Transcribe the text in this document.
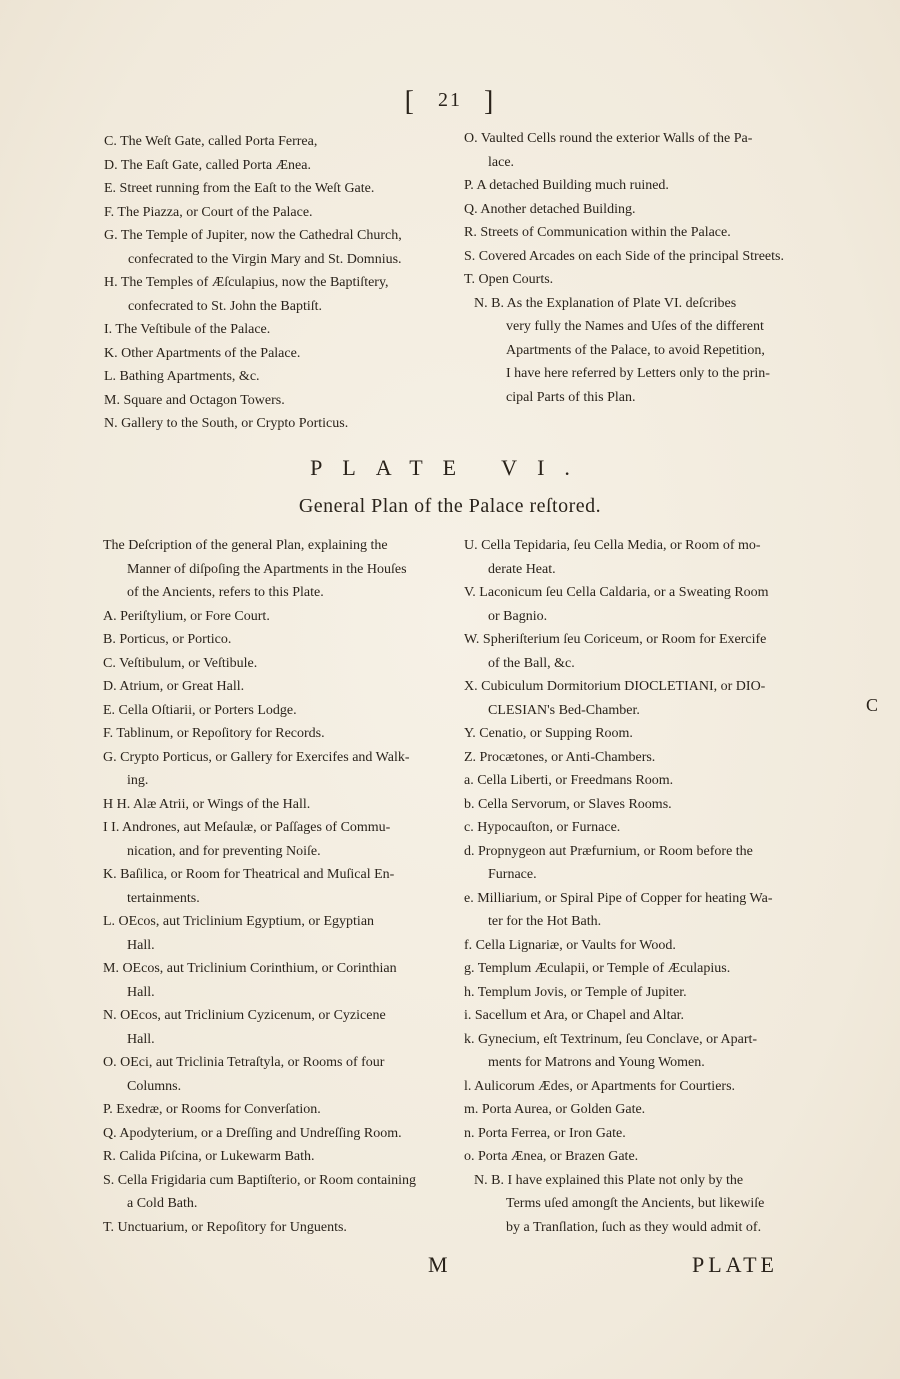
[ 21 ]
C. The Weſt Gate, called Porta Ferrea,
D. The Eaſt Gate, called Porta Ænea.
E. Street running from the Eaſt to the Weſt Gate.
F. The Piazza, or Court of the Palace.
G. The Temple of Jupiter, now the Cathedral Church,
confecrated to the Virgin Mary and St. Domnius.
H. The Temples of Æſculapius, now the Baptiſtery,
confecrated to St. John the Baptiſt.
I. The Veſtibule of the Palace.
K. Other Apartments of the Palace.
L. Bathing Apartments, &c.
M. Square and Octagon Towers.
N. Gallery to the South, or Crypto Porticus.
O. Vaulted Cells round the exterior Walls of the Pa-
lace.
P. A detached Building much ruined.
Q. Another detached Building.
R. Streets of Communication within the Palace.
S. Covered Arcades on each Side of the principal Streets.
T. Open Courts.
N. B. As the Explanation of Plate VI. deſcribes
very fully the Names and Uſes of the different
Apartments of the Palace, to avoid Repetition,
I have here referred by Letters only to the prin-
cipal Parts of this Plan.
PLATE VI.
General Plan of the Palace reſtored.
The Deſcription of the general Plan, explaining the
Manner of diſpoſing the Apartments in the Houſes
of the Ancients, refers to this Plate.
A. Periſtylium, or Fore Court.
B. Porticus, or Portico.
C. Veſtibulum, or Veſtibule.
D. Atrium, or Great Hall.
E. Cella Oſtiarii, or Porters Lodge.
F. Tablinum, or Repoſitory for Records.
G. Crypto Porticus, or Gallery for Exercifes and Walk-
ing.
H H. Alæ Atrii, or Wings of the Hall.
I I. Andrones, aut Meſaulæ, or Paſſages of Commu-
nication, and for preventing Noiſe.
K. Baſilica, or Room for Theatrical and Muſical En-
tertainments.
L. OEcos, aut Triclinium Egyptium, or Egyptian
Hall.
M. OEcos, aut Triclinium Corinthium, or Corinthian
Hall.
N. OEcos, aut Triclinium Cyzicenum, or Cyzicene
Hall.
O. OEci, aut Triclinia Tetraſtyla, or Rooms of four
Columns.
P. Exedræ, or Rooms for Converſation.
Q. Apodyterium, or a Dreſſing and Undreſſing Room.
R. Calida Piſcina, or Lukewarm Bath.
S. Cella Frigidaria cum Baptiſterio, or Room containing
a Cold Bath.
T. Unctuarium, or Repoſitory for Unguents.
U. Cella Tepidaria, ſeu Cella Media, or Room of mo-
derate Heat.
V. Laconicum ſeu Cella Caldaria, or a Sweating Room
or Bagnio.
W. Spheriſterium ſeu Coriceum, or Room for Exercife
of the Ball, &c.
X. Cubiculum Dormitorium DIOCLETIANI, or DIO-
CLESIAN's Bed-Chamber.
Y. Cenatio, or Supping Room.
Z. Procætones, or Anti-Chambers.
a. Cella Liberti, or Freedmans Room.
b. Cella Servorum, or Slaves Rooms.
c. Hypocauſton, or Furnace.
d. Propnygeon aut Præfurnium, or Room before the
Furnace.
e. Milliarium, or Spiral Pipe of Copper for heating Wa-
ter for the Hot Bath.
f. Cella Lignariæ, or Vaults for Wood.
g. Templum Æculapii, or Temple of Æculapius.
h. Templum Jovis, or Temple of Jupiter.
i. Sacellum et Ara, or Chapel and Altar.
k. Gynecium, eſt Textrinum, ſeu Conclave, or Apart-
ments for Matrons and Young Women.
l. Aulicorum Ædes, or Apartments for Courtiers.
m. Porta Aurea, or Golden Gate.
n. Porta Ferrea, or Iron Gate.
o. Porta Ænea, or Brazen Gate.
N. B. I have explained this Plate not only by the
Terms uſed amongſt the Ancients, but likewiſe
by a Tranſlation, ſuch as they would admit of.
M	PLATE
C
